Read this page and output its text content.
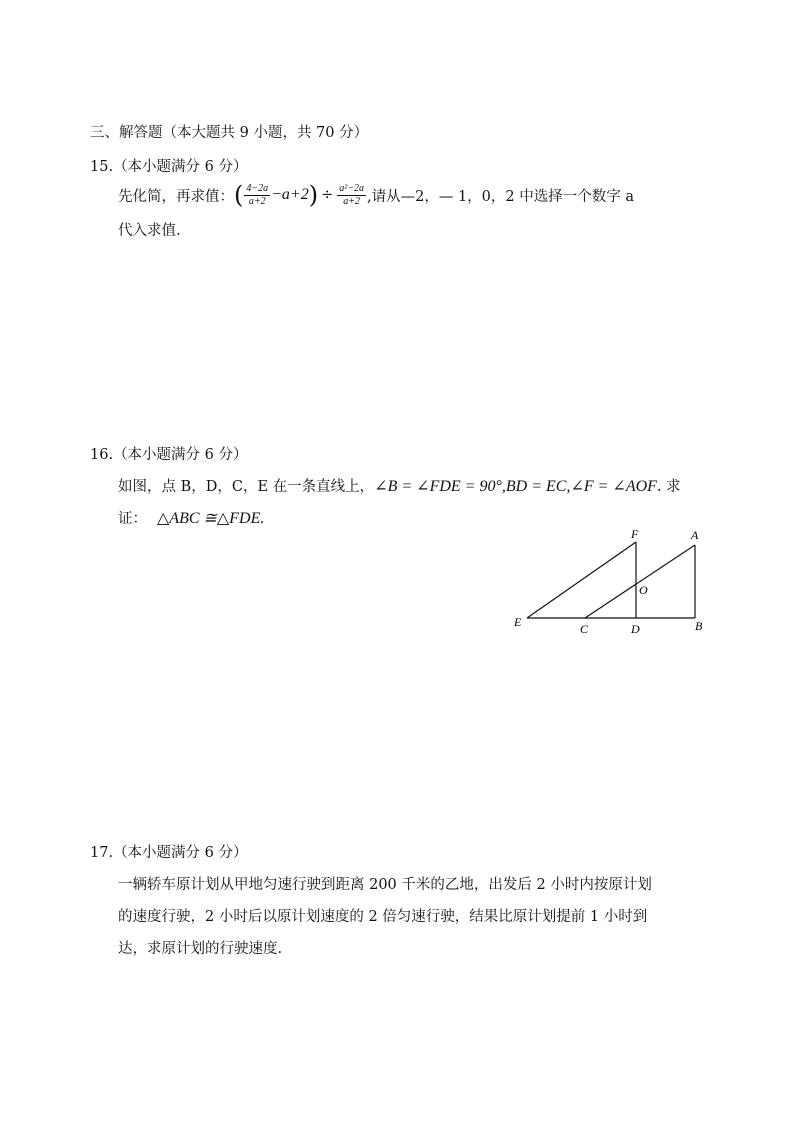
三、解答题（本大题共 9 小题，共 70 分）
15.（本小题满分 6 分）
先化简，再求值： ( $\frac{4-2a}{a+2} -a+2$ ) ÷ $\frac{\text{a²−2a}}{a+2}$ ,请从—2，— 1，0，2 中选择一个数字 a
代入求值.
16.（本小题满分 6 分）
如图，点 B，D，C，E 在一条直线上，∠B = ∠FDE = 90°,BD = EC,∠F = ∠AOF. 求
证： △ABC ≅△FDE.
F	A
O
E	C	D	B
17.（本小题满分 6 分）
一辆轿车原计划从甲地匀速行驶到距离 200 千米的乙地，出发后 2 小时内按原计划
的速度行驶，2 小时后以原计划速度的 2 倍匀速行驶，结果比原计划提前 1 小时到
达，求原计划的行驶速度.
